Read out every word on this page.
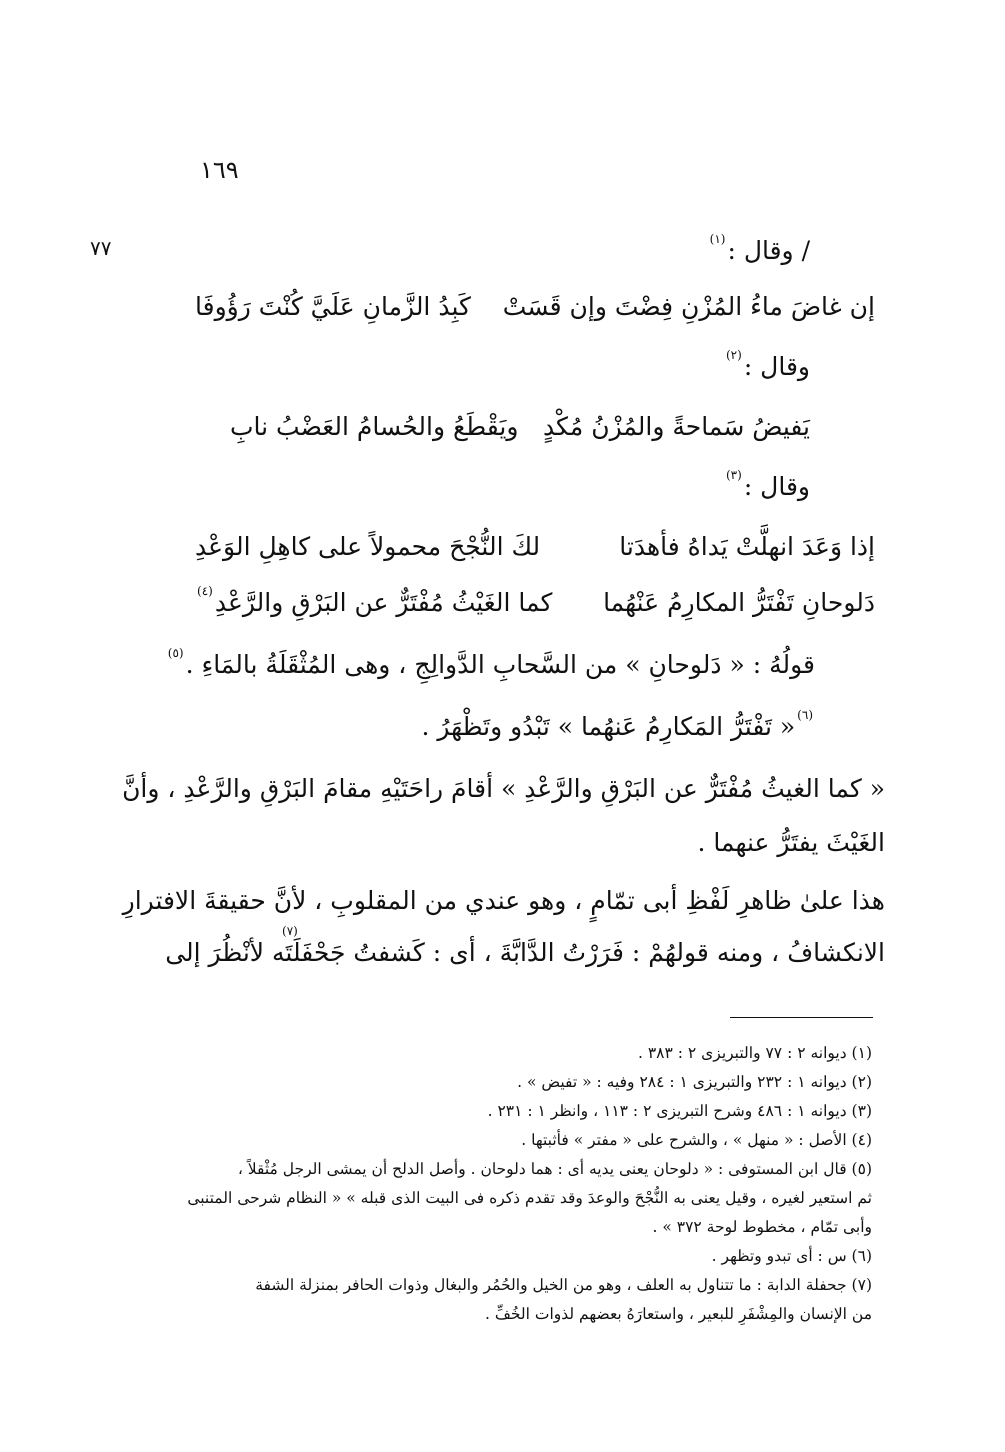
١٦٩
٧٧	/ وقال :$^{(١)}$
إن غاضَ ماءُ المُزْنِ فِضْتَ وإن قَسَتْ
كَبِدُ الزَّمانِ عَلَيَّ كُنْتَ رَؤُوفَا
وقال :$^{(٢)}$
يَفيضُ سَماحةً والمُزْنُ مُكْدٍ
ويَقْطَعُ والحُسامُ العَضْبُ نابِ
وقال :$^{(٣)}$
إذا وَعَدَ انهلَّتْ يَداهُ فأهدَتا
لكَ النُّجْحَ محمولاً على كاهِلِ الوَعْدِ
دَلوحانِ تَفْتَرُّ المكارِمُ عَنْهُما
كما الغَيْثُ مُفْتَرٌّ عن البَرْقِ والرَّعْدِ(٤)
قولُهُ : « دَلوحانِ » من السَّحابِ الدَّوالِجِ ، وهى المُثْقَلَةُ بالمَاءِ .$^{(٥)}$
$^{(٦)}$« تَفْتَرُّ المَكارِمُ عَنهُما » تَبْدُو وتَظْهَرُ .
« كما الغيثُ مُفْتَرٌّ عن البَرْقِ والرَّعْدِ » أقامَ راحَتَيْهِ مقامَ البَرْقِ والرَّعْدِ ، وأنَّ
الغَيْثَ يفتَرُّ عنهما .
هذا علىٰ ظاهرِ لَفْظِ أبى تمّامٍ ، وهو عندي من المقلوبِ ، لأنَّ حقيقةَ الافترارِ
الانكشافُ ، ومنه قولهُمْ : فَرَرْتُ الدَّابَّةَ ، أى : كَشفتُ جَحْفَلَتَه لأنْظُرَ إلى
(٧)
(١) ديوانه ٢ : ٧٧ والتبريزى ٢ : ٣٨٣ .
(٢) ديوانه ١ : ٢٣٢ والتبريزى ١ : ٢٨٤ وفيه : « تفيض » .
(٣) ديوانه ١ : ٤٨٦ وشرح التبريزى ٢ : ١١٣ ، وانظر ١ : ٢٣١ .
(٤) الأصل : « منهل » ، والشرح على « مفتر » فأثبتها .
(٥) قال ابن المستوفى : « دلوحان يعنى يديه أى : هما دلوحان . وأصل الدلح أن يمشى الرجل مُثْقلاً ،
ثم استعير لغيره ، وقيل يعنى به النُّجْحَ والوعدَ وقد تقدم ذكره فى البيت الذى قبله » « النظام شرحى المتنبى
وأبى تمّام ، مخطوط لوحة ٣٧٢ » .
(٦) س : أى تبدو وتظهر .
(٧) جحفلة الدابة : ما تتناول به العلف ، وهو من الخيل والحُمُر والبغال وذوات الحافر بمنزلة الشفة
من الإنسان والمِشْفَرِ للبعير ، واستعارَهُ بعضهم لذوات الخُفِّ .
